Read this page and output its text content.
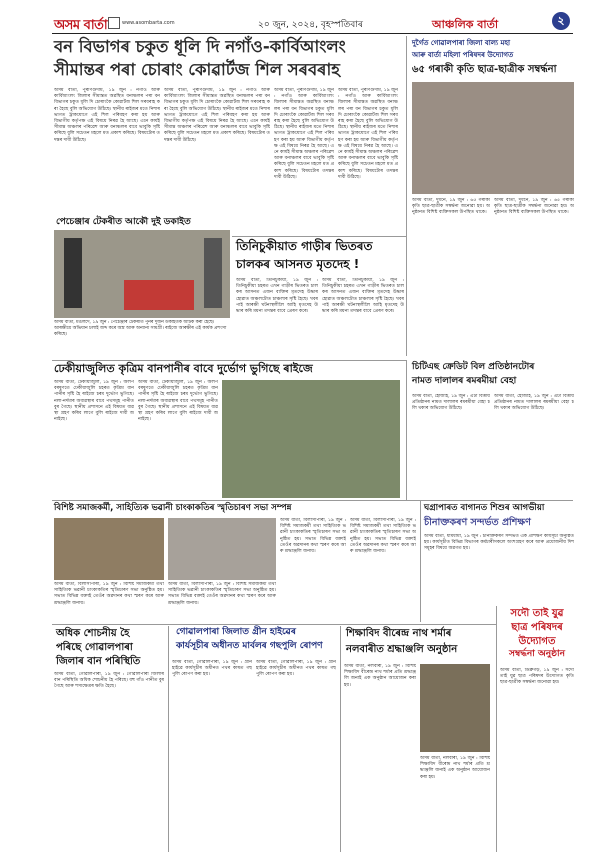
অসম বাৰ্তা	www.asombarta.com	২০ জুন, ২০২৪, বৃহস্পতিবাৰ	আঞ্চলিক বাৰ্তা	২
বন বিভাগৰ চকুত ধূলি দি নগাঁও-কাৰ্বিআংলং
সীমান্তৰ পৰা চোৰাং কোৱাৰ্টজ শিল সৰবৰাহ
অসম বাৰ্তা, পুৰণিগুদাম, ১৯ জুন : নগাঁও আৰু কাৰ্বিআংলং জিলাৰ সীমান্তত অৱস্থিত বনাঞ্চলৰ পৰা বন বিভাগৰ চকুত ধূলি দি চোৰাংকৈ কোৱাৰ্টজ শিল সৰবৰাহ কৰা হৈছে বুলি অভিযোগ উঠিছে। স্থানীয় ৰাইজৰ মতে নিশাৰ ভাগত ট্ৰাকযোগে এই শিল পৰিবহণ কৰা হয় আৰু বিভাগীয় কৰ্তৃপক্ষ এই বিষয়ে নিৰৱ হৈ আছে। এনে কাৰ্যই সীমান্ত অঞ্চলৰ পৰিৱেশ আৰু বনাঞ্চলৰ বাবে ভাবুকি সৃষ্টি কৰিছে বুলি সচেতন মহলে মত প্ৰকাশ কৰিছে। বিষয়টোৰ তদন্তৰ দাবী উঠিছে।
অসম বাৰ্তা, পুৰণিগুদাম, ১৯ জুন : নগাঁও আৰু কাৰ্বিআংলং জিলাৰ সীমান্তত অৱস্থিত বনাঞ্চলৰ পৰা বন বিভাগৰ চকুত ধূলি দি চোৰাংকৈ কোৱাৰ্টজ শিল সৰবৰাহ কৰা হৈছে বুলি অভিযোগ উঠিছে। স্থানীয় ৰাইজৰ মতে নিশাৰ ভাগত ট্ৰাকযোগে এই শিল পৰিবহণ কৰা হয় আৰু বিভাগীয় কৰ্তৃপক্ষ এই বিষয়ে নিৰৱ হৈ আছে। এনে কাৰ্যই সীমান্ত অঞ্চলৰ পৰিৱেশ আৰু বনাঞ্চলৰ বাবে ভাবুকি সৃষ্টি কৰিছে বুলি সচেতন মহলে মত প্ৰকাশ কৰিছে। বিষয়টোৰ তদন্তৰ দাবী উঠিছে।
অসম বাৰ্তা, পুৰণিগুদাম, ১৯ জুন : নগাঁও আৰু কাৰ্বিআংলং জিলাৰ সীমান্তত অৱস্থিত বনাঞ্চলৰ পৰা বন বিভাগৰ চকুত ধূলি দি চোৰাংকৈ কোৱাৰ্টজ শিল সৰবৰাহ কৰা হৈছে বুলি অভিযোগ উঠিছে। স্থানীয় ৰাইজৰ মতে নিশাৰ ভাগত ট্ৰাকযোগে এই শিল পৰিবহণ কৰা হয় আৰু বিভাগীয় কৰ্তৃপক্ষ এই বিষয়ে নিৰৱ হৈ আছে। এনে কাৰ্যই সীমান্ত অঞ্চলৰ পৰিৱেশ আৰু বনাঞ্চলৰ বাবে ভাবুকি সৃষ্টি কৰিছে বুলি সচেতন মহলে মত প্ৰকাশ কৰিছে। বিষয়টোৰ তদন্তৰ দাবী উঠিছে।
অসম বাৰ্তা, পুৰণিগুদাম, ১৯ জুন : নগাঁও আৰু কাৰ্বিআংলং জিলাৰ সীমান্তত অৱস্থিত বনাঞ্চলৰ পৰা বন বিভাগৰ চকুত ধূলি দি চোৰাংকৈ কোৱাৰ্টজ শিল সৰবৰাহ কৰা হৈছে বুলি অভিযোগ উঠিছে। স্থানীয় ৰাইজৰ মতে নিশাৰ ভাগত ট্ৰাকযোগে এই শিল পৰিবহণ কৰা হয় আৰু বিভাগীয় কৰ্তৃপক্ষ এই বিষয়ে নিৰৱ হৈ আছে। এনে কাৰ্যই সীমান্ত অঞ্চলৰ পৰিৱেশ আৰু বনাঞ্চলৰ বাবে ভাবুকি সৃষ্টি কৰিছে বুলি সচেতন মহলে মত প্ৰকাশ কৰিছে। বিষয়টোৰ তদন্তৰ দাবী উঠিছে।
পেচেঞ্জাৰ টেকৰীত আকৌ দুই ডকাইত
অসম বাৰ্তা, মঙলদৈ, ১৯ জুন : পেচেঞ্জাৰ টেকৰীত পুনৰ দুজন ডকাইতক আটক কৰা হৈছে। আৰক্ষীয়ে অভিযান চলাই জব্দ কৰে অস্ত্ৰ আৰু অন্যান্য সামগ্ৰী। ৰাইজে আৰক্ষীৰ এই কাৰ্যক প্ৰশংসা কৰিছে।
তিনিচুকীয়াত গাড়ীৰ ভিতৰত
চালকৰ আসনত মৃতদেহ !
অসম বাৰ্তা, তিনিচুকীয়া, ১৯ জুন : তিনিচুকীয়া চহৰত এখন গাড়ীৰ ভিতৰত চালকৰ আসনত এজন ব্যক্তিৰ মৃতদেহ উদ্ধাৰ হোৱাত অঞ্চলটোত চাঞ্চল্যৰ সৃষ্টি হৈছে। খবৰ পাই আৰক্ষী ঘটনাস্থলীলৈ আহি মৃতদেহ উদ্ধাৰ কৰি ময়না তদন্তৰ বাবে প্ৰেৰণ কৰে।
অসম বাৰ্তা, তিনিচুকীয়া, ১৯ জুন : তিনিচুকীয়া চহৰত এখন গাড়ীৰ ভিতৰত চালকৰ আসনত এজন ব্যক্তিৰ মৃতদেহ উদ্ধাৰ হোৱাত অঞ্চলটোত চাঞ্চল্যৰ সৃষ্টি হৈছে। খবৰ পাই আৰক্ষী ঘটনাস্থলীলৈ আহি মৃতদেহ উদ্ধাৰ কৰি ময়না তদন্তৰ বাবে প্ৰেৰণ কৰে।
ঢেকীয়াজুলিত কৃত্ৰিম বানপানীৰ বাবে দুৰ্ভোগ ভুগিছে ৰাইজে
অসম বাৰ্তা, ঢেকীয়াজুলি, ১৯ জুন : অলপ বৰষুণতে ঢেকীয়াজুলি চহৰত কৃত্ৰিম বানপানীৰ সৃষ্টি হৈ ৰাইজে চৰম দুৰ্ভোগ ভুগিছে। নলা-নৰ্দমাৰ অব্যৱস্থাৰ বাবে পথসমূহ পানীত বুৰ গৈছে। স্থানীয় প্ৰশাসনে এই বিষয়ত ব্যৱস্থা গ্ৰহণ কৰিব লাগে বুলি ৰাইজে দাবী জনাইছে।
অসম বাৰ্তা, ঢেকীয়াজুলি, ১৯ জুন : অলপ বৰষুণতে ঢেকীয়াজুলি চহৰত কৃত্ৰিম বানপানীৰ সৃষ্টি হৈ ৰাইজে চৰম দুৰ্ভোগ ভুগিছে। নলা-নৰ্দমাৰ অব্যৱস্থাৰ বাবে পথসমূহ পানীত বুৰ গৈছে। স্থানীয় প্ৰশাসনে এই বিষয়ত ব্যৱস্থা গ্ৰহণ কৰিব লাগে বুলি ৰাইজে দাবী জনাইছে।
বিশিষ্ট সমাজকৰ্মী, সাহিত্যিক ভৱানী চাংকাকতিৰ স্মৃতিচাৰণ সভা সম্পন্ন
অসম বাৰ্তা, বিলাসীপাৰা, ১৯ জুন : বিশিষ্ট সমাজকৰ্মী তথা সাহিত্যিক ভৱানী চাংকাকতিৰ স্মৃতিচাৰণ সভা অনুষ্ঠিত হয়। সভাত বিভিন্ন বক্তাই তেওঁৰ অৱদানৰ কথা স্মৰণ কৰে আৰু শ্ৰদ্ধাঞ্জলি জনায়।
অসম বাৰ্তা, বিলাসীপাৰা, ১৯ জুন : বিশিষ্ট সমাজকৰ্মী তথা সাহিত্যিক ভৱানী চাংকাকতিৰ স্মৃতিচাৰণ সভা অনুষ্ঠিত হয়। সভাত বিভিন্ন বক্তাই তেওঁৰ অৱদানৰ কথা স্মৰণ কৰে আৰু শ্ৰদ্ধাঞ্জলি জনায়।
অসম বাৰ্তা, বিলাসীপাৰা, ১৯ জুন : বিশিষ্ট সমাজকৰ্মী তথা সাহিত্যিক ভৱানী চাংকাকতিৰ স্মৃতিচাৰণ সভা অনুষ্ঠিত হয়। সভাত বিভিন্ন বক্তাই তেওঁৰ অৱদানৰ কথা স্মৰণ কৰে আৰু শ্ৰদ্ধাঞ্জলি জনায়।
অসম বাৰ্তা, বিলাসীপাৰা, ১৯ জুন : বিশিষ্ট সমাজকৰ্মী তথা সাহিত্যিক ভৱানী চাংকাকতিৰ স্মৃতিচাৰণ সভা অনুষ্ঠিত হয়। সভাত বিভিন্ন বক্তাই তেওঁৰ অৱদানৰ কথা স্মৰণ কৰে আৰু শ্ৰদ্ধাঞ্জলি জনায়।
ঘগ্ৰাপাৰত বাগানত শিশুৰ আগভীয়া
চীনাক্তকৰণ সন্দৰ্ভত প্ৰশিক্ষণ
অসম বাৰ্তা, ধামধামা, ১৯ জুন : চীনাক্তকৰণ সন্দৰ্ভত এক প্ৰশিক্ষণ কাৰ্যসূচী অনুষ্ঠিত হয়। কাৰ্যসূচীত বিভিন্ন বিভাগৰ কৰ্মচাৰীসকলে অংশগ্ৰহণ কৰে আৰু প্ৰয়োজনীয় দিশসমূহৰ বিষয়ে অৱগত হয়।
অধিক শোচনীয় হৈ
পৰিছে গোৱালপাৰা
জিলাৰ বান পৰিস্থিতি
অসম বাৰ্তা, গোৱালপাৰা, ১৯ জুন : গোৱালপাৰা জিলাৰ বান পৰিস্থিতি অধিক শোচনীয় হৈ পৰিছে। বহু গাঁও পানীত বুৰ গৈছে আৰু শস্যক্ষেত্ৰৰ ক্ষতি হৈছে।
গোৱালপাৰা জিলাত গ্ৰীন হাইৱেৰ
কাৰ্যসূচীৰ অধীনত মাৰ্বলৰ গছপুলি ৰোপণ
অসম বাৰ্তা, গোৱালপাৰা, ১৯ জুন : গ্ৰীন হাইৱে কাৰ্যসূচীৰ অধীনত পথৰ কাষত গছপুলি ৰোপণ কৰা হয়।
অসম বাৰ্তা, গোৱালপাৰা, ১৯ জুন : গ্ৰীন হাইৱে কাৰ্যসূচীৰ অধীনত পথৰ কাষত গছপুলি ৰোপণ কৰা হয়।
শিক্ষাবিদ বীৰেন্দ্ৰ নাথ শৰ্মাৰ
নলবাৰীত শ্ৰদ্ধাঞ্জলি অনুষ্ঠান
অসম বাৰ্তা, নলবাৰী, ১৯ জুন : বিশিষ্ট শিক্ষাবিদ বীৰেন্দ্ৰ নাথ শৰ্মাৰ প্ৰতি শ্ৰদ্ধাঞ্জলি জনাই এক অনুষ্ঠান আয়োজন কৰা হয়।
অসম বাৰ্তা, নলবাৰী, ১৯ জুন : বিশিষ্ট শিক্ষাবিদ বীৰেন্দ্ৰ নাথ শৰ্মাৰ প্ৰতি শ্ৰদ্ধাঞ্জলি জনাই এক অনুষ্ঠান আয়োজন কৰা হয়।
দুৰ্গৈত গোৱালপাৰা জিলা বাল্য মহা
আৰু বাৰ্তা মহিলা পৰিষদৰ উদ্যোগত
৬৫ গৰাকী কৃতি ছাত্ৰ-ছাত্ৰীক সম্বৰ্দ্ধনা
অসম বাৰ্তা, দুধনৈ, ১৯ জুন : ৬৫ গৰাকী কৃতি ছাত্ৰ-ছাত্ৰীক সম্বৰ্দ্ধনা জনোৱা হয়। অনুষ্ঠানত বিশিষ্ট ব্যক্তিসকল উপস্থিত থাকে।
অসম বাৰ্তা, দুধনৈ, ১৯ জুন : ৬৫ গৰাকী কৃতি ছাত্ৰ-ছাত্ৰীক সম্বৰ্দ্ধনা জনোৱা হয়। অনুষ্ঠানত বিশিষ্ট ব্যক্তিসকল উপস্থিত থাকে।
চিটিএছ ক্ৰেডিট বিল প্ৰতিষ্ঠানটোৰ
নামত দালালৰ ৰমৰমীয়া বেহা
অসম বাৰ্তা, হোজাই, ১৯ জুন : এটা বিত্তীয় প্ৰতিষ্ঠানৰ নামত দালালৰ ৰমৰমীয়া বেহা চলি থকাৰ অভিযোগ উঠিছে।
অসম বাৰ্তা, হোজাই, ১৯ জুন : এটা বিত্তীয় প্ৰতিষ্ঠানৰ নামত দালালৰ ৰমৰমীয়া বেহা চলি থকাৰ অভিযোগ উঠিছে।
সদৌ তাই যুৱ
ছাত্ৰ পৰিষদৰ
উদ্যোগত
সম্বৰ্দ্ধনা অনুষ্ঠান
অসম বাৰ্তা, ডিব্ৰুগড়, ১৯ জুন : সদৌ তাই যুৱ ছাত্ৰ পৰিষদৰ উদ্যোগত কৃতি ছাত্ৰ-ছাত্ৰীক সম্বৰ্দ্ধনা জনোৱা হয়।
